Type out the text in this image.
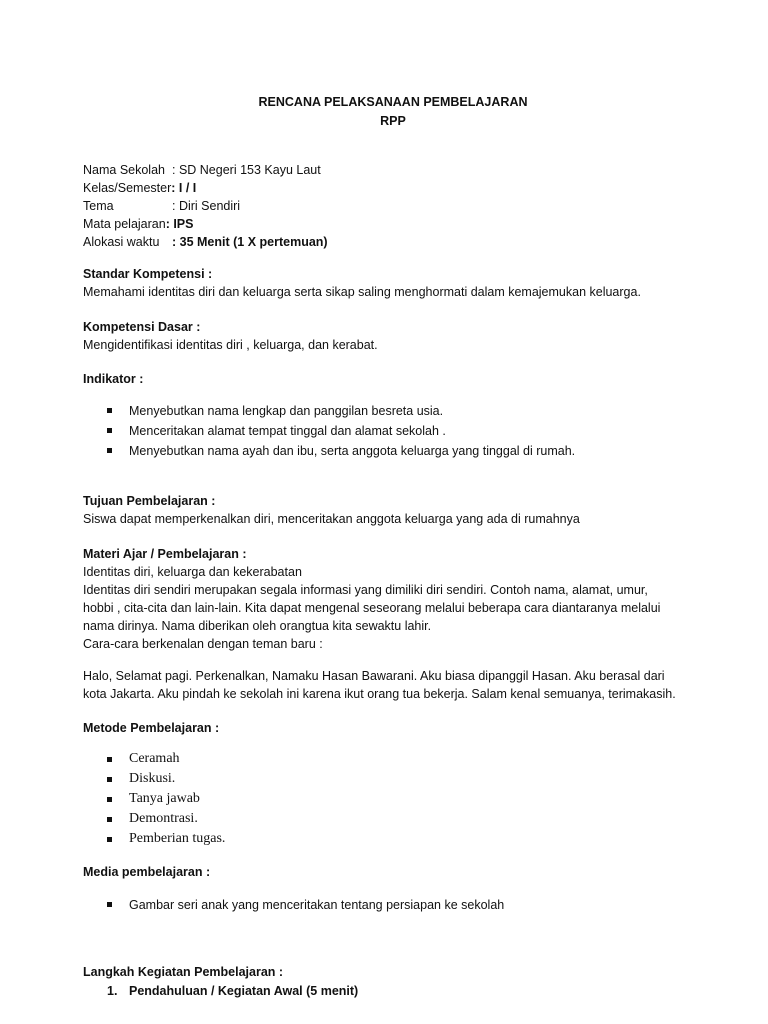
RENCANA PELAKSANAAN PEMBELAJARAN
RPP
Nama Sekolah : SD Negeri 153 Kayu Laut
Kelas/Semester : I / I
Tema	: Diri Sendiri
Mata pelajaran : IPS
Alokasi waktu	: 35 Menit (1 X pertemuan)
Standar Kompetensi :
Memahami identitas diri dan keluarga serta sikap saling menghormati dalam kemajemukan keluarga.
Kompetensi Dasar :
Mengidentifikasi identitas diri , keluarga, dan kerabat.
Indikator :
Menyebutkan nama lengkap dan panggilan besreta usia.
Menceritakan alamat tempat tinggal dan alamat sekolah .
Menyebutkan nama ayah dan ibu, serta anggota keluarga yang tinggal di rumah.
Tujuan Pembelajaran :
Siswa dapat memperkenalkan diri, menceritakan anggota keluarga yang ada di rumahnya
Materi Ajar / Pembelajaran :
Identitas diri, keluarga dan kekerabatan
Identitas diri sendiri merupakan segala informasi yang dimiliki diri sendiri. Contoh nama, alamat, umur,
hobbi , cita-cita dan lain-lain. Kita dapat mengenal seseorang melalui beberapa cara diantaranya melalui
nama dirinya. Nama diberikan oleh orangtua kita sewaktu lahir.
Cara-cara berkenalan dengan teman baru :
Halo, Selamat pagi. Perkenalkan, Namaku Hasan Bawarani. Aku biasa dipanggil Hasan. Aku berasal dari
kota Jakarta. Aku pindah ke sekolah ini karena ikut orang tua bekerja. Salam kenal semuanya, terimakasih.
Metode Pembelajaran :
Ceramah
Diskusi.
Tanya jawab
Demontrasi.
Pemberian tugas.
Media pembelajaran :
Gambar seri anak yang menceritakan tentang persiapan ke sekolah
Langkah Kegiatan Pembelajaran :
1. Pendahuluan / Kegiatan Awal (5 menit)
